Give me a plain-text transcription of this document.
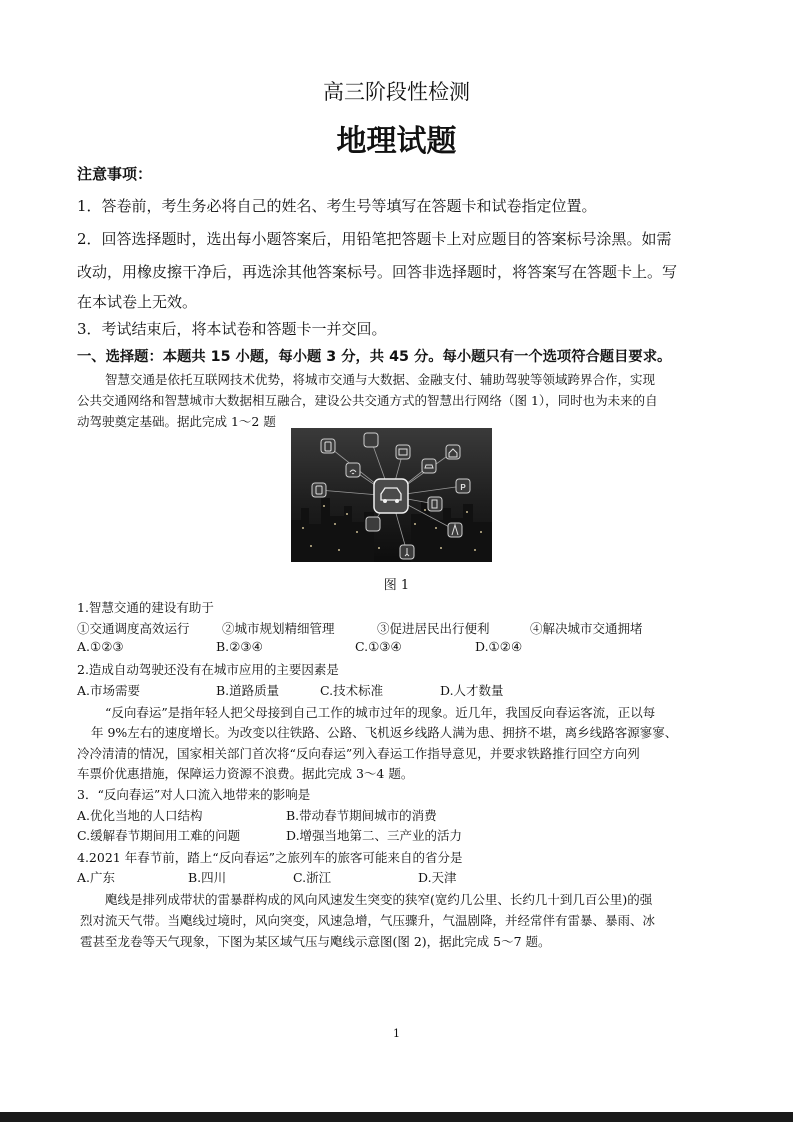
高三阶段性检测
地理试题
注意事项：
1．答卷前，考生务必将自己的姓名、考生号等填写在答题卡和试卷指定位置。
2．回答选择题时，选出每小题答案后，用铅笔把答题卡上对应题目的答案标号涂黑。如需
改动，用橡皮擦干净后，再选涂其他答案标号。回答非选择题时，将答案写在答题卡上。写
在本试卷上无效。
3．考试结束后，将本试卷和答题卡一并交回。
一、选择题：本题共 15 小题，每小题 3 分，共 45 分。每小题只有一个选项符合题目要求。
智慧交通是依托互联网技术优势，将城市交通与大数据、金融支付、辅助驾驶等领域跨界合作，实现
公共交通网络和智慧城市大数据相互融合，建设公共交通方式的智慧出行网络（图 1），同时也为未来的自
动驾驶奠定基础。据此完成 1～2 题
P
图 1
1.智慧交通的建设有助于
①交通调度高效运行	②城市规划精细管理	③促进居民出行便利	④解决城市交通拥堵
A.①②③	B.②③④	C.①③④	D.①②④
2.造成自动驾驶还没有在城市应用的主要因素是
A.市场需要	B.道路质量	C.技术标准	D.人才数量
“反向春运”是指年轻人把父母接到自己工作的城市过年的现象。近几年，我国反向春运客流，正以每
年 9%左右的速度增长。为改变以往铁路、公路、飞机返乡线路人满为患、拥挤不堪，离乡线路客源寥寥、
冷冷清清的情况，国家相关部门首次将“反向春运”列入春运工作指导意见，并要求铁路推行回空方向列
车票价优惠措施，保障运力资源不浪费。据此完成 3～4 题。
3．“反向春运”对人口流入地带来的影响是
A.优化当地的人口结构	B.带动春节期间城市的消费
C.缓解春节期间用工难的问题	D.增强当地第二、三产业的活力
4.2021 年春节前，踏上“反向春运”之旅列车的旅客可能来自的省分是
A.广东	B.四川	C.浙江	D.天津
飑线是排列成带状的雷暴群构成的风向风速发生突变的狭窄(宽约几公里、长约几十到几百公里)的强
烈对流天气带。当飑线过境时，风向突变，风速急增，气压骤升，气温剧降，并经常伴有雷暴、暴雨、冰
雹甚至龙卷等天气现象，下图为某区域气压与飑线示意图(图 2)，据此完成 5～7 题。
1
